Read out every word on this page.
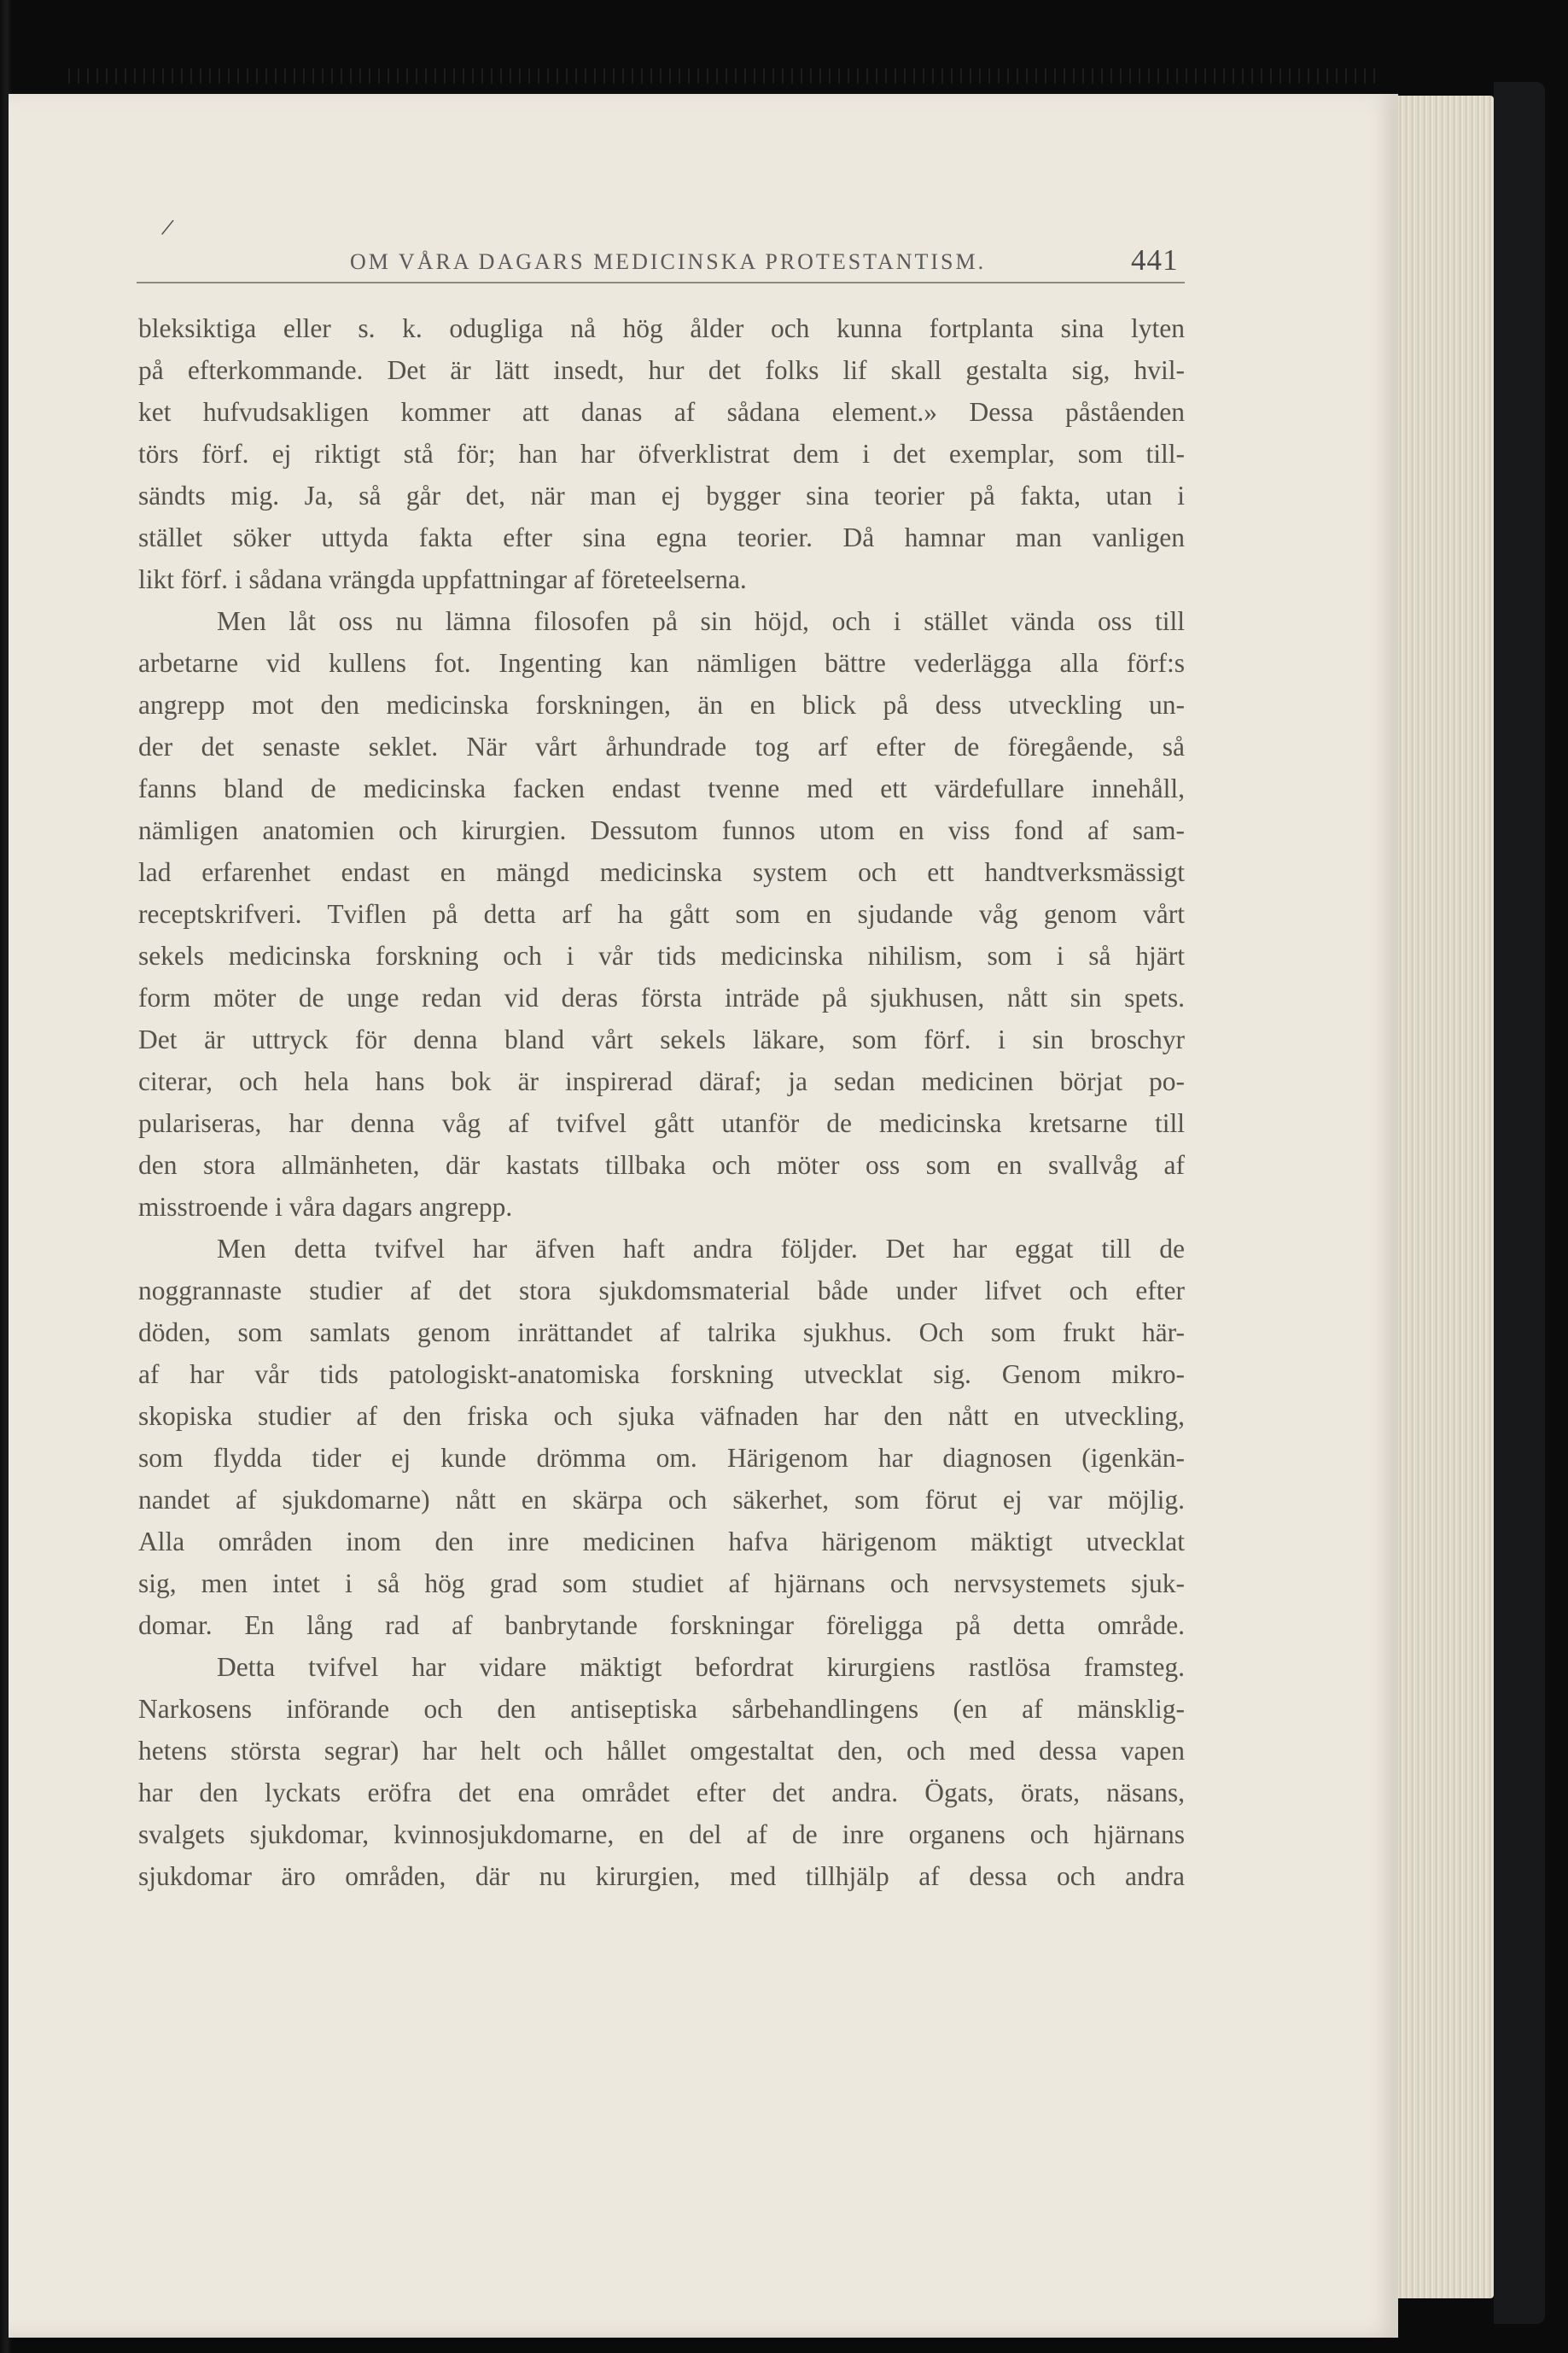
/
OM VÅRA DAGARS MEDICINSKA PROTESTANTISM.	441
bleksiktiga eller s. k. odugliga nå hög ålder och kunna fortplanta sina lyten
på efterkommande. Det är lätt insedt, hur det folks lif skall gestalta sig, hvil-
ket hufvudsakligen kommer att danas af sådana element.» Dessa påståenden
törs förf. ej riktigt stå för; han har öfverklistrat dem i det exemplar, som till-
sändts mig. Ja, så går det, när man ej bygger sina teorier på fakta, utan i
stället söker uttyda fakta efter sina egna teorier. Då hamnar man vanligen
likt förf. i sådana vrängda uppfattningar af företeelserna.
Men låt oss nu lämna filosofen på sin höjd, och i stället vända oss till
arbetarne vid kullens fot. Ingenting kan nämligen bättre vederlägga alla förf:s
angrepp mot den medicinska forskningen, än en blick på dess utveckling un-
der det senaste seklet. När vårt århundrade tog arf efter de föregående, så
fanns bland de medicinska facken endast tvenne med ett värdefullare innehåll,
nämligen anatomien och kirurgien. Dessutom funnos utom en viss fond af sam-
lad erfarenhet endast en mängd medicinska system och ett handtverksmässigt
receptskrifveri. Tviflen på detta arf ha gått som en sjudande våg genom vårt
sekels medicinska forskning och i vår tids medicinska nihilism, som i så hjärt
form möter de unge redan vid deras första inträde på sjukhusen, nått sin spets.
Det är uttryck för denna bland vårt sekels läkare, som förf. i sin broschyr
citerar, och hela hans bok är inspirerad däraf; ja sedan medicinen börjat po-
pulariseras, har denna våg af tvifvel gått utanför de medicinska kretsarne till
den stora allmänheten, där kastats tillbaka och möter oss som en svallvåg af
misstroende i våra dagars angrepp.
Men detta tvifvel har äfven haft andra följder. Det har eggat till de
noggrannaste studier af det stora sjukdomsmaterial både under lifvet och efter
döden, som samlats genom inrättandet af talrika sjukhus. Och som frukt här-
af har vår tids patologiskt-anatomiska forskning utvecklat sig. Genom mikro-
skopiska studier af den friska och sjuka väfnaden har den nått en utveckling,
som flydda tider ej kunde drömma om. Härigenom har diagnosen (igenkän-
nandet af sjukdomarne) nått en skärpa och säkerhet, som förut ej var möjlig.
Alla områden inom den inre medicinen hafva härigenom mäktigt utvecklat
sig, men intet i så hög grad som studiet af hjärnans och nervsystemets sjuk-
domar. En lång rad af banbrytande forskningar föreligga på detta område.
Detta tvifvel har vidare mäktigt befordrat kirurgiens rastlösa framsteg.
Narkosens införande och den antiseptiska sårbehandlingens (en af mänsklig-
hetens största segrar) har helt och hållet omgestaltat den, och med dessa vapen
har den lyckats eröfra det ena området efter det andra. Ögats, örats, näsans,
svalgets sjukdomar, kvinnosjukdomarne, en del af de inre organens och hjärnans
sjukdomar äro områden, där nu kirurgien, med tillhjälp af dessa och andra
